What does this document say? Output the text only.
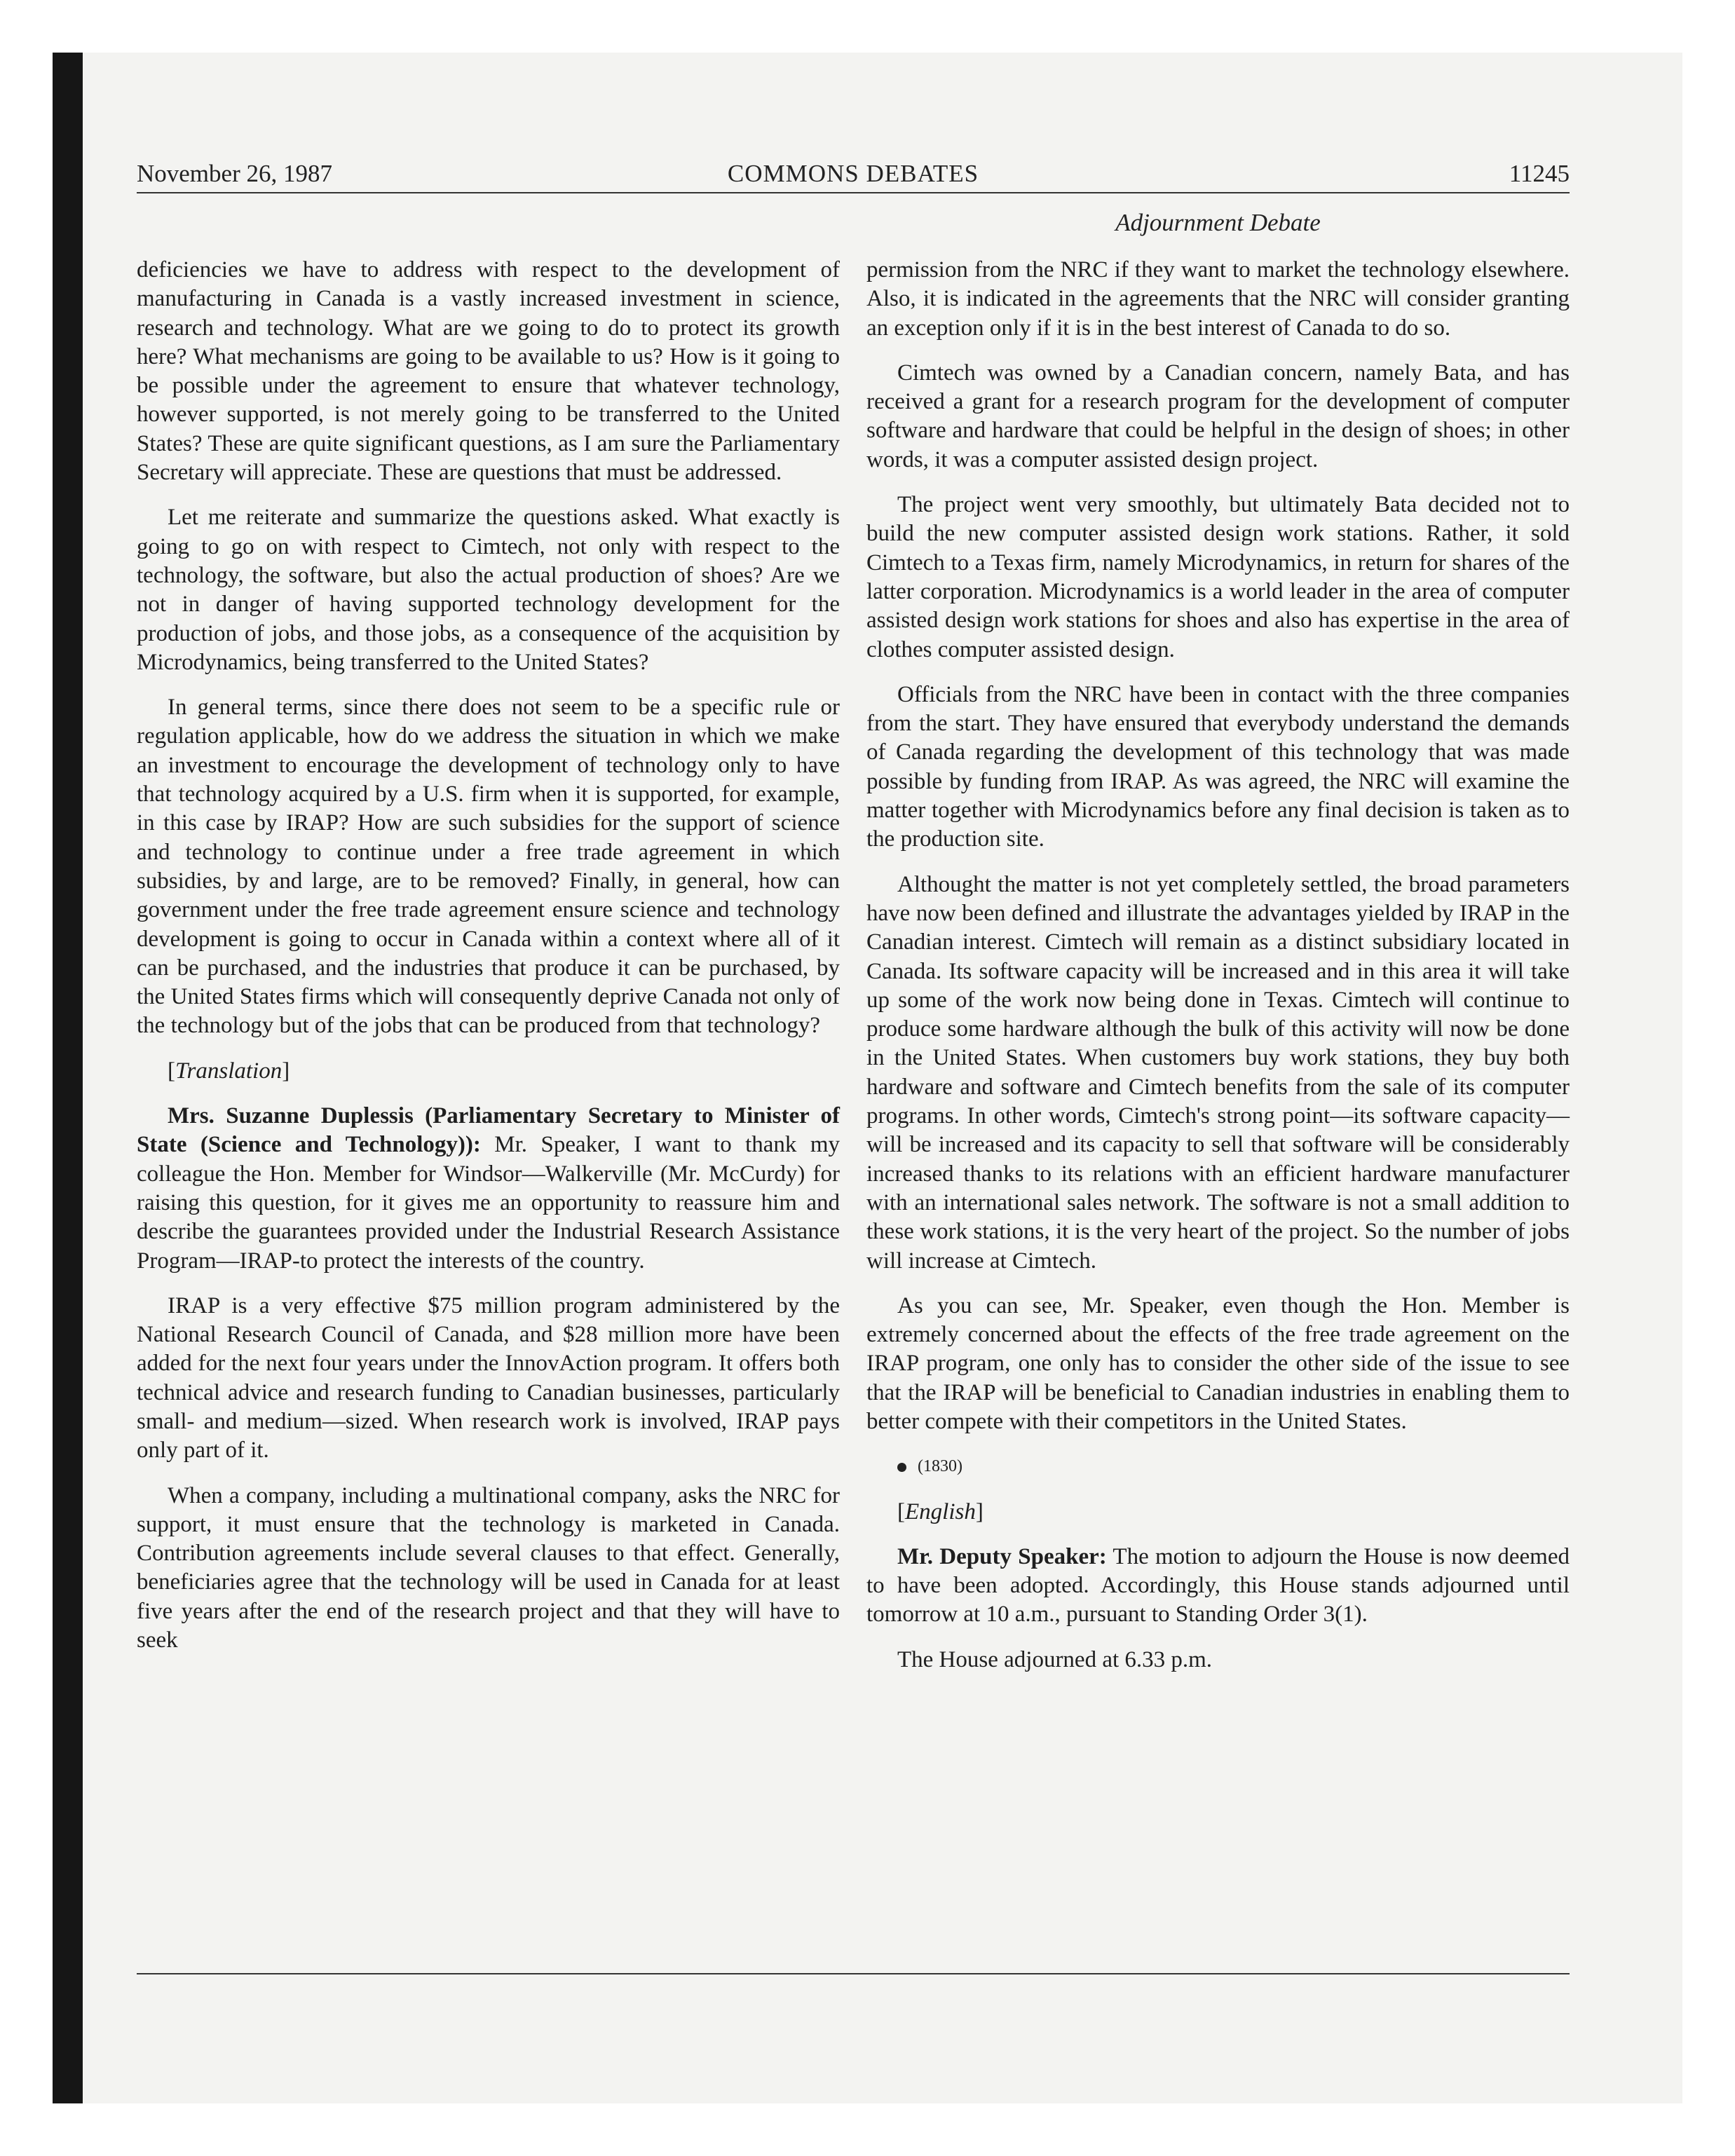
November 26, 1987	COMMONS DEBATES	11245
Adjournment Debate

deficiencies we have to address with respect to the development of manufacturing in Canada is a vastly increased investment in science, research and technology. What are we going to do to protect its growth here? What mechanisms are going to be available to us? How is it going to be possible under the agreement to ensure that whatever technology, however supported, is not merely going to be transferred to the United States? These are quite significant questions, as I am sure the Parliamentary Secretary will appreciate. These are questions that must be addressed.

Let me reiterate and summarize the questions asked. What exactly is going to go on with respect to Cimtech, not only with respect to the technology, the software, but also the actual production of shoes? Are we not in danger of having supported technology development for the production of jobs, and those jobs, as a consequence of the acquisition by Microdynamics, being transferred to the United States?

In general terms, since there does not seem to be a specific rule or regulation applicable, how do we address the situation in which we make an investment to encourage the development of technology only to have that technology acquired by a U.S. firm when it is supported, for example, in this case by IRAP? How are such subsidies for the support of science and technology to continue under a free trade agreement in which subsidies, by and large, are to be removed? Finally, in general, how can government under the free trade agreement ensure science and technology development is going to occur in Canada within a context where all of it can be purchased, and the industries that produce it can be purchased, by the United States firms which will consequently deprive Canada not only of the technology but of the jobs that can be produced from that technology?

[Translation]

Mrs. Suzanne Duplessis (Parliamentary Secretary to Minister of State (Science and Technology)): Mr. Speaker, I want to thank my colleague the Hon. Member for Windsor—Walkerville (Mr. McCurdy) for raising this question, for it gives me an opportunity to reassure him and describe the guarantees provided under the Industrial Research Assistance Program—IRAP-to protect the interests of the country.

IRAP is a very effective $75 million program administered by the National Research Council of Canada, and $28 million more have been added for the next four years under the InnovAction program. It offers both technical advice and research funding to Canadian businesses, particularly small- and medium—sized. When research work is involved, IRAP pays only part of it.

When a company, including a multinational company, asks the NRC for support, it must ensure that the technology is marketed in Canada. Contribution agreements include several clauses to that effect. Generally, beneficiaries agree that the technology will be used in Canada for at least five years after the end of the research project and that they will have to seek

permission from the NRC if they want to market the technology elsewhere. Also, it is indicated in the agreements that the NRC will consider granting an exception only if it is in the best interest of Canada to do so.

Cimtech was owned by a Canadian concern, namely Bata, and has received a grant for a research program for the development of computer software and hardware that could be helpful in the design of shoes; in other words, it was a computer assisted design project.

The project went very smoothly, but ultimately Bata decided not to build the new computer assisted design work stations. Rather, it sold Cimtech to a Texas firm, namely Microdynamics, in return for shares of the latter corporation. Microdynamics is a world leader in the area of computer assisted design work stations for shoes and also has expertise in the area of clothes computer assisted design.

Officials from the NRC have been in contact with the three companies from the start. They have ensured that everybody understand the demands of Canada regarding the development of this technology that was made possible by funding from IRAP. As was agreed, the NRC will examine the matter together with Microdynamics before any final decision is taken as to the production site.

Althought the matter is not yet completely settled, the broad parameters have now been defined and illustrate the advantages yielded by IRAP in the Canadian interest. Cimtech will remain as a distinct subsidiary located in Canada. Its software capacity will be increased and in this area it will take up some of the work now being done in Texas. Cimtech will continue to produce some hardware although the bulk of this activity will now be done in the United States. When customers buy work stations, they buy both hardware and software and Cimtech benefits from the sale of its computer programs. In other words, Cimtech's strong point—its software capacity—will be increased and its capacity to sell that software will be considerably increased thanks to its relations with an efficient hardware manufacturer with an international sales network. The software is not a small addition to these work stations, it is the very heart of the project. So the number of jobs will increase at Cimtech.

As you can see, Mr. Speaker, even though the Hon. Member is extremely concerned about the effects of the free trade agreement on the IRAP program, one only has to consider the other side of the issue to see that the IRAP will be beneficial to Canadian industries in enabling them to better compete with their competitors in the United States.

(1830)

[English]

Mr. Deputy Speaker: The motion to adjourn the House is now deemed to have been adopted. Accordingly, this House stands adjourned until tomorrow at 10 a.m., pursuant to Standing Order 3(1).

The House adjourned at 6.33 p.m.
